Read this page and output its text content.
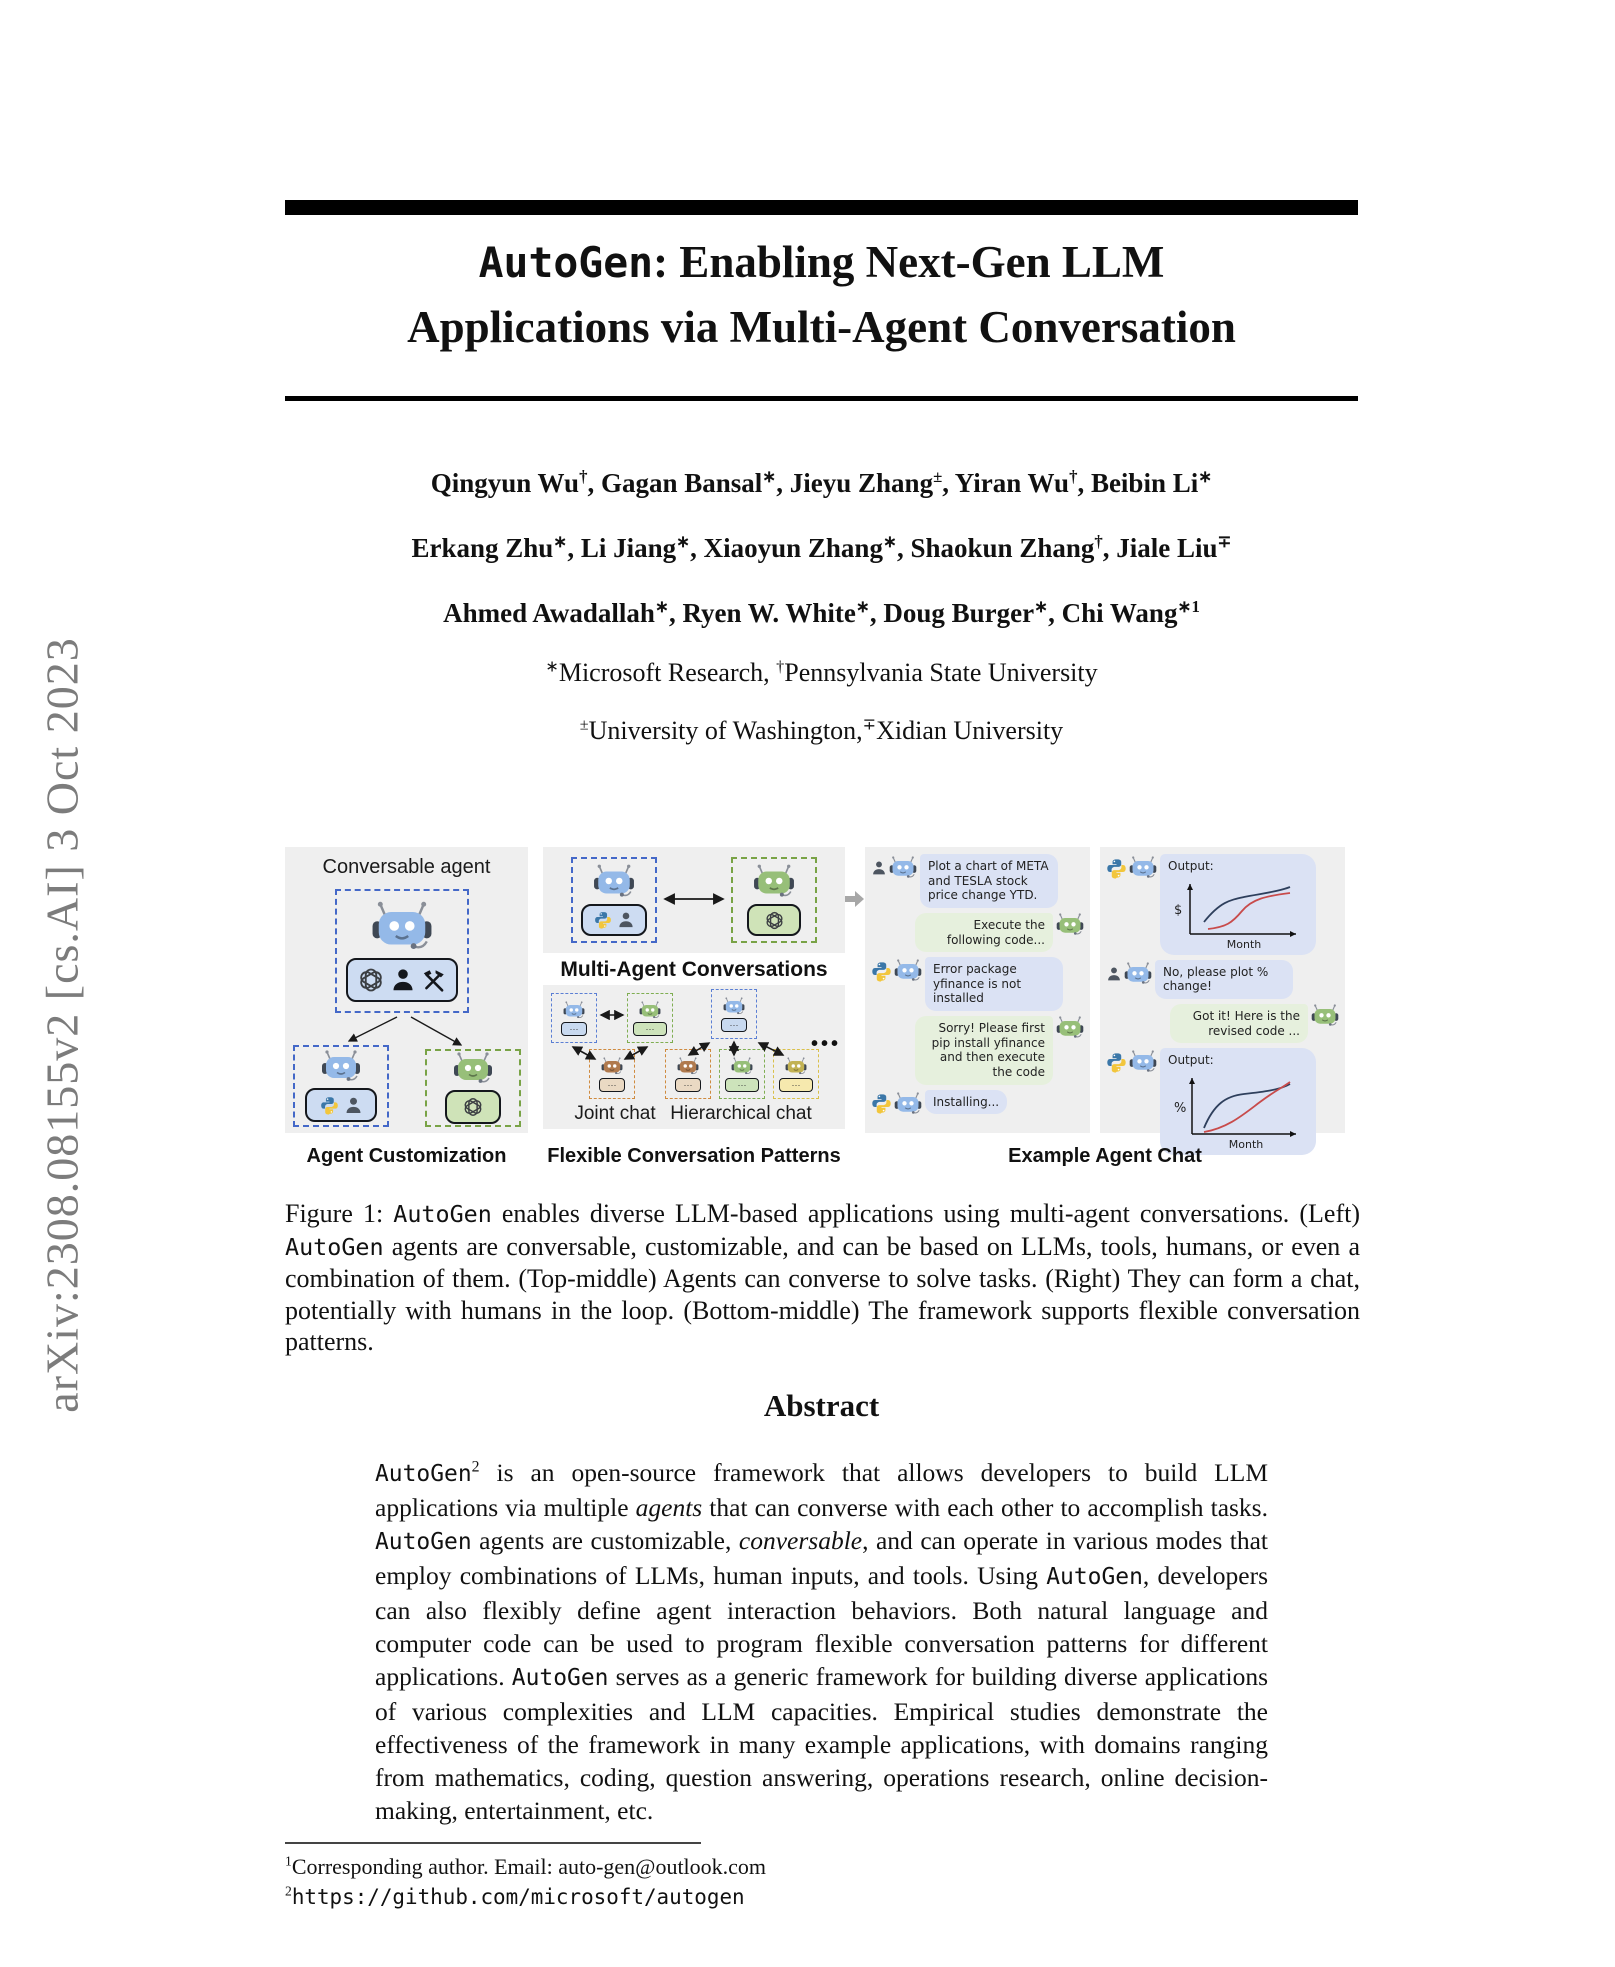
arXiv:2308.08155v2 [cs.AI] 3 Oct 2023
AutoGen: Enabling Next-Gen LLM
Applications via Multi-Agent Conversation
Qingyun Wu†, Gagan Bansal∗, Jieyu Zhang±, Yiran Wu†, Beibin Li∗
Erkang Zhu∗, Li Jiang∗, Xiaoyun Zhang∗, Shaokun Zhang†, Jiale Liu∓
Ahmed Awadallah∗, Ryen W. White∗, Doug Burger∗, Chi Wang$^{∗1}$
∗Microsoft Research, †Pennsylvania State University
±University of Washington,∓Xidian University
Conversable agent
Agent Customization
Multi-Agent Conversations
···	···
···
···
···	···	···
•••
Joint chat Hierarchical chat
Flexible Conversation Patterns
Plot a chart of META and TESLA stock price change YTD.
Execute the following code...
Error package yfinance is not installed
Sorry! Please first pip install yfinance and then execute the code
Installing...
Output:
$
Month
No, please plot % change!
Got it! Here is the revised code ...
Output:
%
Month
Example Agent Chat

Figure 1: AutoGen enables diverse LLM-based applications using multi-agent conversations. (Left) AutoGen agents are conversable, customizable, and can be based on LLMs, tools, humans, or even a combination of them. (Top-middle) Agents can converse to solve tasks. (Right) They can form a chat, potentially with humans in the loop. (Bottom-middle) The framework supports flexible conversation patterns.

Abstract

AutoGen$^2$ is an open-source framework that allows developers to build LLM applications via multiple agents that can converse with each other to accomplish tasks. AutoGen agents are customizable, conversable, and can operate in various modes that employ combinations of LLMs, human inputs, and tools. Using AutoGen, developers can also flexibly define agent interaction behaviors. Both natural language and computer code can be used to program flexible conversation patterns for different applications. AutoGen serves as a generic framework for building diverse applications of various complexities and LLM capacities. Empirical studies demonstrate the effectiveness of the framework in many example applications, with domains ranging from mathematics, coding, question answering, operations research, online decision-making, entertainment, etc.

$^1$Corresponding author. Email: auto-gen@outlook.com
$^2$https://github.com/microsoft/autogen
